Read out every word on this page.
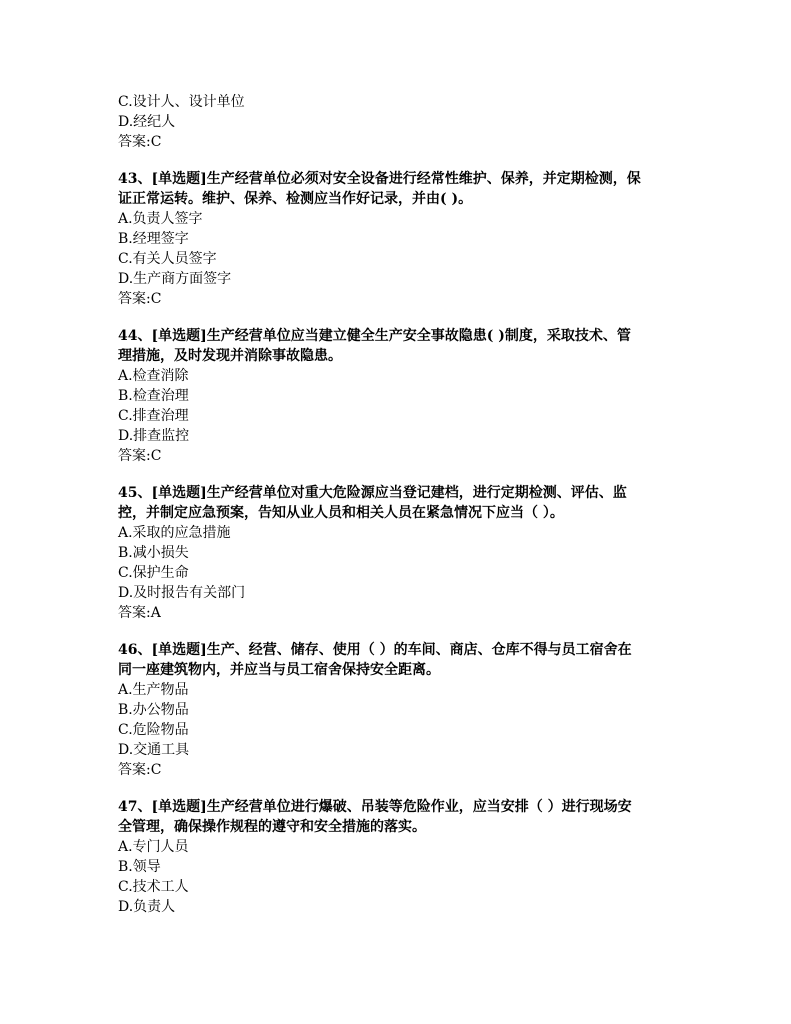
C.设计人、设计单位
D.经纪人
答案:C
43、[单选题]生产经营单位必须对安全设备进行经常性维护、保养，并定期检测，保
证正常运转。维护、保养、检测应当作好记录，并由( )。
A.负责人签字
B.经理签字
C.有关人员签字
D.生产商方面签字
答案:C
44、[单选题]生产经营单位应当建立健全生产安全事故隐患( )制度，采取技术、管
理措施，及时发现并消除事故隐患。
A.检查消除
B.检查治理
C.排查治理
D.排查监控
答案:C
45、[单选题]生产经营单位对重大危险源应当登记建档，进行定期检测、评估、监
控，并制定应急预案，告知从业人员和相关人员在紧急情况下应当（ ）。
A.采取的应急措施
B.减小损失
C.保护生命
D.及时报告有关部门
答案:A
46、[单选题]生产、经营、储存、使用（ ）的车间、商店、仓库不得与员工宿舍在
同一座建筑物内，并应当与员工宿舍保持安全距离。
A.生产物品
B.办公物品
C.危险物品
D.交通工具
答案:C
47、[单选题]生产经营单位进行爆破、吊装等危险作业，应当安排（ ）进行现场安
全管理，确保操作规程的遵守和安全措施的落实。
A.专门人员
B.领导
C.技术工人
D.负责人
